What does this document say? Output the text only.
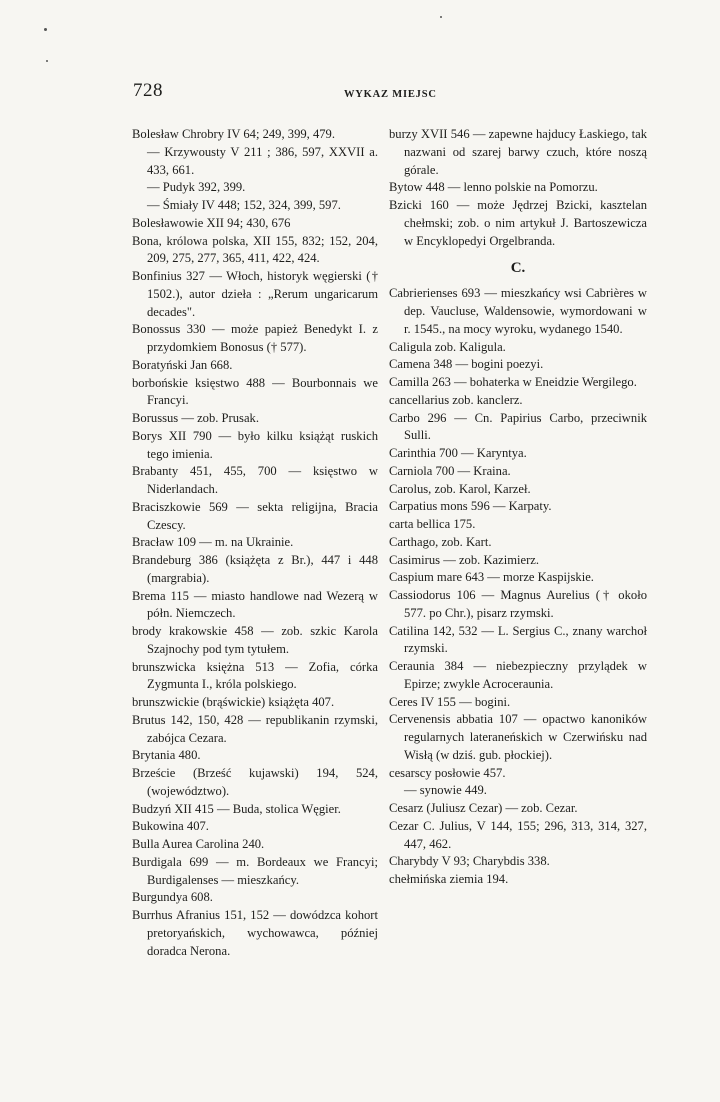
728	WYKAZ MIEJSC

Bolesław Chrobry IV 64; 249, 399, 479.

— Krzywousty V 211 ; 386, 597, XXVII a. 433, 661.

— Pudyk 392, 399.

— Śmiały IV 448; 152, 324, 399, 597.

Bolesławowie XII 94; 430, 676

Bona, królowa polska, XII 155, 832; 152, 204, 209, 275, 277, 365, 411, 422, 424.

Bonfinius 327 — Włoch, historyk węgierski († 1502.), autor dzieła : „Rerum ungaricarum decades".

Bonossus 330 — może papież Benedykt I. z przydomkiem Bonosus († 577).

Boratyński Jan 668.

borbońskie księstwo 488 — Bourbonnais we Francyi.

Borussus — zob. Prusak.

Borys XII 790 — było kilku książąt ruskich tego imienia.

Brabanty 451, 455, 700 — księstwo w Niderlandach.

Braciszkowie 569 — sekta religijna, Bracia Czescy.

Bracław 109 — m. na Ukrainie.

Brandeburg 386 (książęta z Br.), 447 i 448 (margrabia).

Brema 115 — miasto handlowe nad Wezerą w półn. Niemczech.

brody krakowskie 458 — zob. szkic Karola Szajnochy pod tym tytułem.

brunszwicka księżna 513 — Zofia, córka Zygmunta I., króla polskiego.

brunszwickie (brąświckie) książęta 407.

Brutus 142, 150, 428 — republikanin rzymski, zabójca Cezara.

Brytania 480.

Brzeście (Brześć kujawski) 194, 524, (województwo).

Budzyń XII 415 — Buda, stolica Węgier.

Bukowina 407.

Bulla Aurea Carolina 240.

Burdigala 699 — m. Bordeaux we Francyi; Burdigalenses — mieszkańcy.

Burgundya 608.

Burrhus Afranius 151, 152 — dowódzca kohort pretoryańskich, wychowawca, później doradca Nerona.

burzy XVII 546 — zapewne hajducy Łaskiego, tak nazwani od szarej barwy czuch, które noszą górale.

Bytow 448 — lenno polskie na Pomorzu.

Bzicki 160 — może Jędrzej Bzicki, kasztelan chełmski; zob. o nim artykuł J. Bartoszewicza w Encyklopedyi Orgelbranda.

C.

Cabrierienses 693 — mieszkańcy wsi Cabrières w dep. Vaucluse, Waldensowie, wymordowani w r. 1545., na mocy wyroku, wydanego 1540.

Caligula zob. Kaligula.

Camena 348 — bogini poezyi.

Camilla 263 — bohaterka w Eneidzie Wergilego.

cancellarius zob. kanclerz.

Carbo 296 — Cn. Papirius Carbo, przeciwnik Sulli.

Carinthia 700 — Karyntya.

Carniola 700 — Kraina.

Carolus, zob. Karol, Karzeł.

Carpatius mons 596 — Karpaty.

carta bellica 175.

Carthago, zob. Kart.

Casimirus — zob. Kazimierz.

Caspium mare 643 — morze Kaspijskie.

Cassiodorus 106 — Magnus Aurelius († około 577. po Chr.), pisarz rzymski.

Catilina 142, 532 — L. Sergius C., znany warchoł rzymski.

Ceraunia 384 — niebezpieczny przylądek w Epirze; zwykle Acroceraunia.

Ceres IV 155 — bogini.

Cervenensis abbatia 107 — opactwo kanoników regularnych lateraneńskich w Czerwińsku nad Wisłą (w dziś. gub. płockiej).

cesarscy posłowie 457.

— synowie 449.

Cesarz (Juliusz Cezar) — zob. Cezar.

Cezar C. Julius, V 144, 155; 296, 313, 314, 327, 447, 462.

Charybdy V 93; Charybdis 338.

chełmińska ziemia 194.
